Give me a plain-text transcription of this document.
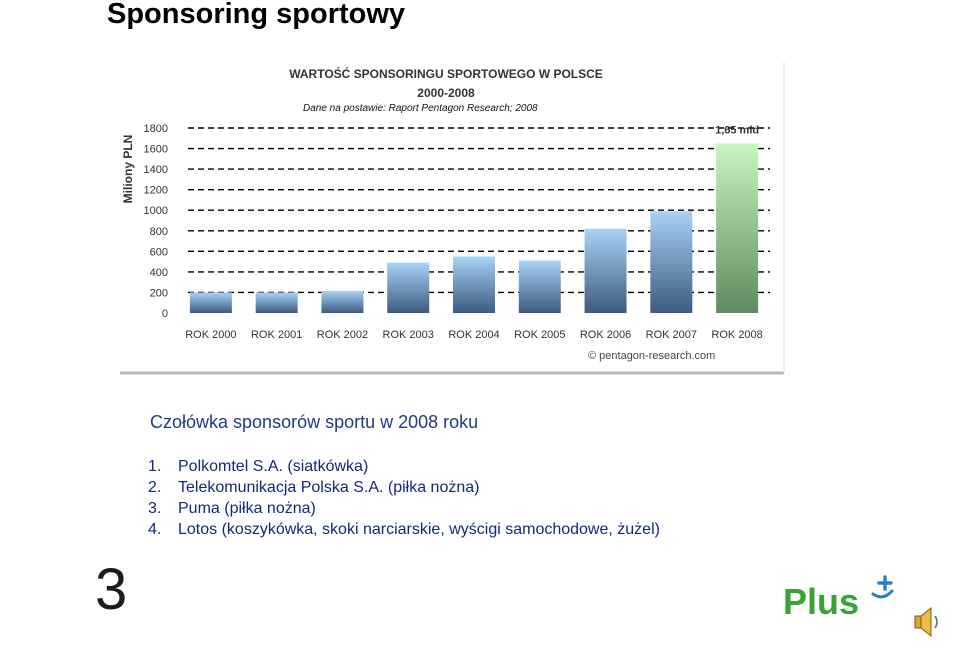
Sponsoring sportowy
WARTOŚĆ SPONSORINGU SPORTOWEGO W POLSCE
2000-2008
Dane na postawie: Raport Pentagon Research; 2008
Miliony PLN
0
200
400
600
800
1000
1200
1400
1600
1800
ROK 2000 ROK 2001 ROK 2002 ROK 2003 ROK 2004 ROK 2005 ROK 2006 ROK 2007 ROK 2008
1,65 mld
© pentagon-research.com
Czołówka sponsorów sportu w 2008 roku
1. Polkomtel S.A. (siatkówka)
2. Telekomunikacja Polska S.A. (piłka nożna)
3. Puma (piłka nożna)
4. Lotos (koszykówka, skoki narciarskie, wyścigi samochodowe, żużel)
3	Plus
